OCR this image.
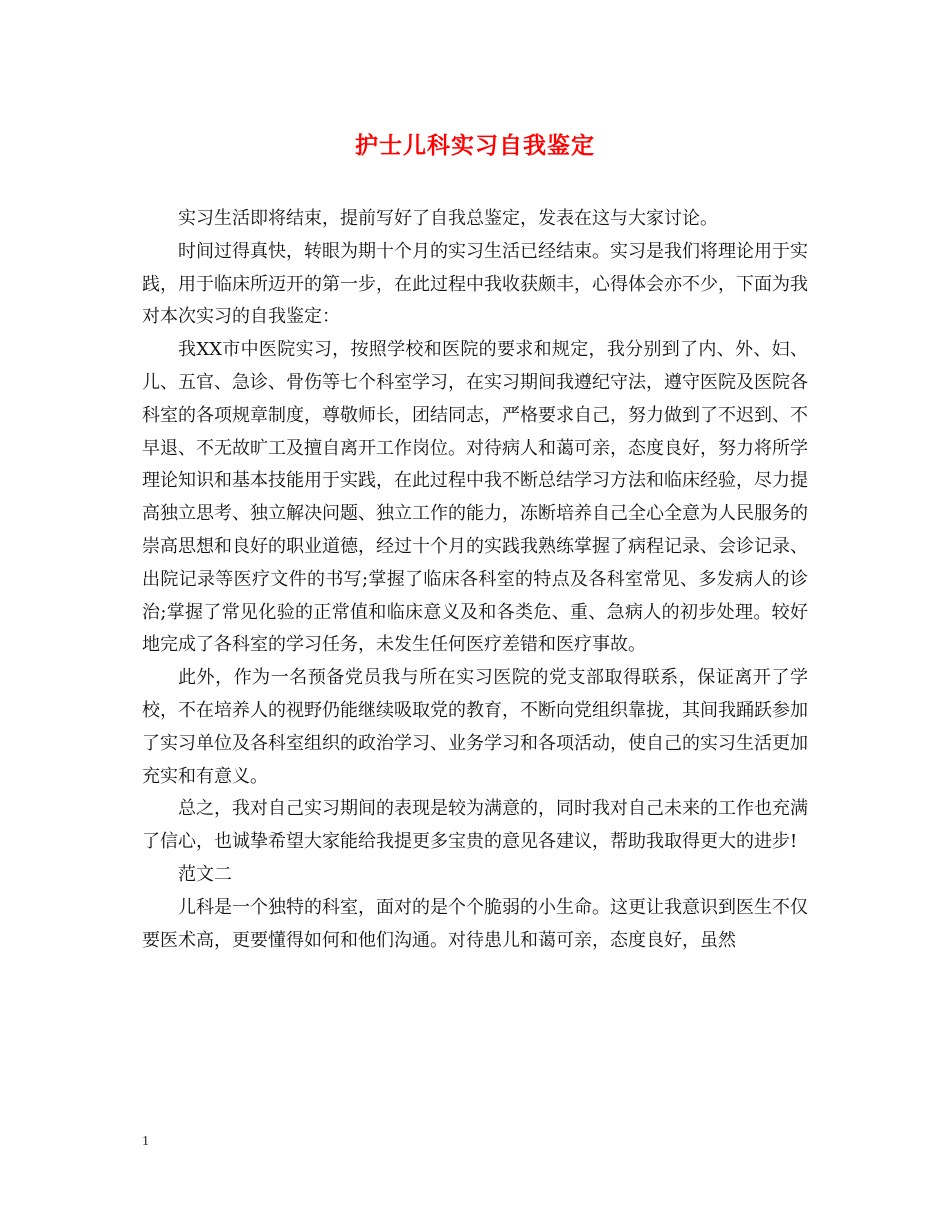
护士儿科实习自我鉴定

实习生活即将结束，提前写好了自我总鉴定，发表在这与大家讨论。

时间过得真快，转眼为期十个月的实习生活已经结束。实习是我们将理论用于实践，用于临床所迈开的第一步，在此过程中我收获颇丰，心得体会亦不少，下面为我对本次实习的自我鉴定：

我XX市中医院实习，按照学校和医院的要求和规定，我分别到了内、外、妇、儿、五官、急诊、骨伤等七个科室学习，在实习期间我遵纪守法，遵守医院及医院各科室的各项规章制度，尊敬师长，团结同志，严格要求自己，努力做到了不迟到、不早退、不无故旷工及擅自离开工作岗位。对待病人和蔼可亲，态度良好，努力将所学理论知识和基本技能用于实践，在此过程中我不断总结学习方法和临床经验，尽力提高独立思考、独立解决问题、独立工作的能力，冻断培养自己全心全意为人民服务的崇高思想和良好的职业道德，经过十个月的实践我熟练掌握了病程记录、会诊记录、出院记录等医疗文件的书写;掌握了临床各科室的特点及各科室常见、多发病人的诊治;掌握了常见化验的正常值和临床意义及和各类危、重、急病人的初步处理。较好地完成了各科室的学习任务，未发生任何医疗差错和医疗事故。

此外，作为一名预备党员我与所在实习医院的党支部取得联系，保证离开了学校，不在培养人的视野仍能继续吸取党的教育，不断向党组织靠拢，其间我踊跃参加了实习单位及各科室组织的政治学习、业务学习和各项活动，使自己的实习生活更加充实和有意义。

总之，我对自己实习期间的表现是较为满意的，同时我对自己未来的工作也充满了信心，也诚挚希望大家能给我提更多宝贵的意见各建议，帮助我取得更大的进步!

范文二

儿科是一个独特的科室，面对的是个个脆弱的小生命。这更让我意识到医生不仅要医术高，更要懂得如何和他们沟通。对待患儿和蔼可亲，态度良好，虽然

1
